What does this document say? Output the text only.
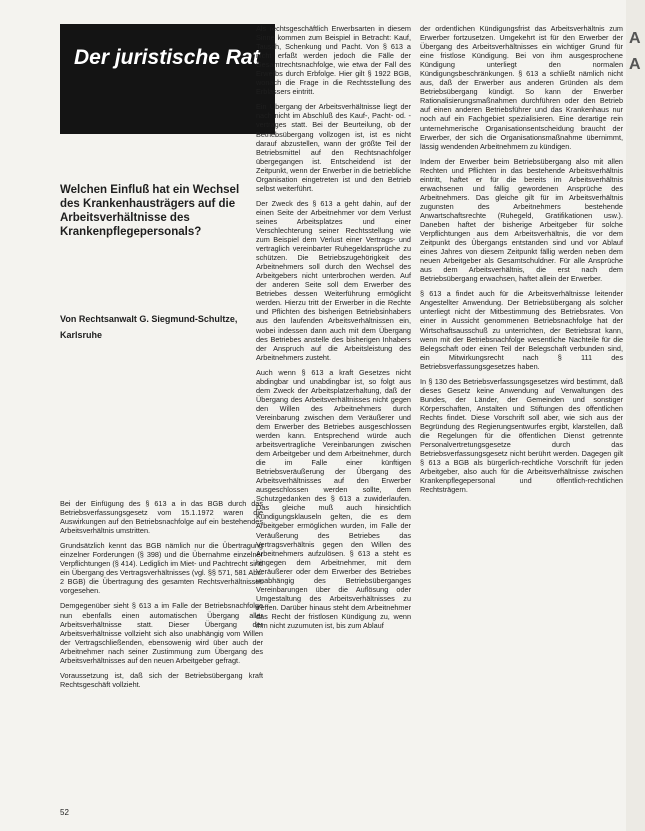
Der juristische Rat
Welchen Einfluß hat ein Wechsel des Krankenhausträgers auf die Arbeitsverhältnisse des Krankenpflegepersonals?

Von Rechtsanwalt G. Siegmund-Schultze, Karlsruhe

Bei der Einfügung des § 613 a in das BGB durch das Betriebsverfassungsgesetz vom 15.1.1972 waren die Auswirkungen auf den Betriebsnachfolge auf ein bestehendes Arbeitsverhältnis umstritten.

Grundsätzlich kennt das BGB nämlich nur die Übertragung einzelner Forderungen (§ 398) und die Übernahme einzelner Verpflichtungen (§ 414). Lediglich im Miet- und Pachtrecht sind ein Übergang des Vertragsverhältnisses (vgl. §§ 571, 581 Abs. 2 BGB) die Übertragung des gesamten Rechtsverhältnisses vorgesehen.

Demgegenüber sieht § 613 a im Falle der Betriebsnachfolge nun ebenfalls einen automatischen Übergang aller Arbeitsverhältnisse statt. Dieser Übergang der Arbeitsverhältnisse vollzieht sich also unabhängig vom Willen der Vertragschließenden, ebensowenig wird über auch der Arbeitnehmer nach seiner Zustimmung zum Übergang des Arbeitsverhältnisses auf den neuen Arbeitgeber gefragt.

Voraussetzung ist, daß sich der Betriebsübergang kraft Rechtsgeschäft vollzieht.

Als rechtsgeschäftlich Erwerbsarten in diesem Sinne kommen zum Beispiel in Betracht: Kauf, Tausch, Schenkung und Pacht. Von § 613 a nicht erfaßt werden jedoch die Fälle der Gesamtrechtsnachfolge, wie etwa der Fall des Erwerbs durch Erbfolge. Hier gilt § 1922 BGB, wonach die Frage in die Rechtsstellung des Erblassers eintritt.

Ein Übergang der Arbeitsverhältnisse liegt der nach nicht im Abschluß des Kauf-, Pacht- od. -vertrages statt. Bei der Beurteilung, ob der Betriebsübergang vollzogen ist, ist es nicht darauf abzustellen, wann der größte Teil der Betriebsmittel auf den Rechtsnachfolger übergegangen ist. Entscheidend ist der Zeitpunkt, wenn der Erwerber in die betriebliche Organisation eingetreten ist und den Betrieb selbst weiterführt.

Der Zweck des § 613 a geht dahin, auf der einen Seite der Arbeitnehmer vor dem Verlust seines Arbeitsplatzes und einer Verschlechterung seiner Rechtsstellung wie zum Beispiel dem Verlust einer Vertrags- und vertraglich vereinbarter Ruhegeldansprüche zu schützen. Die Betriebszugehörigkeit des Arbeitnehmers soll durch den Wechsel des Arbeitgebers nicht unterbrochen werden. Auf der anderen Seite soll dem Erwerber des Betriebes dessen Weiterführung ermöglicht werden. Hierzu tritt der Erwerber in die Rechte und Pflichten des bisherigen Betriebsinhabers aus den laufenden Arbeitsverhältnissen ein, wobei indessen dann auch mit dem Übergang des Betriebes anstelle des bisherigen Inhabers der Anspruch auf die Arbeitsleistung des Arbeitnehmers zusteht.

Auch wenn § 613 a kraft Gesetzes nicht abdingbar und unabdingbar ist, so folgt aus dem Zweck der Arbeitsplatzerhaltung, daß der Übergang des Arbeitsverhältnisses nicht gegen den Willen des Arbeitnehmers durch Vereinbarung zwischen dem Veräußerer und dem Erwerber des Betriebes ausgeschlossen werden kann. Entsprechend würde auch arbeitsvertragliche Vereinbarungen zwischen dem Arbeitgeber und dem Arbeitnehmer, durch die im Falle einer künftigen Betriebsveräußerung der Übergang des Arbeitsverhältnisses auf den Erwerber ausgeschlossen werden sollte, dem Schutzgedanken des § 613 a zuwiderlaufen. Das gleiche muß auch hinsichtlich Kündigungsklauseln gelten, die es dem Arbeitgeber ermöglichen wurden, im Falle der Veräußerung des Betriebes das Vertragsverhältnis gegen den Willen des Arbeitnehmers aufzulösen. § 613 a steht es hingegen dem Arbeitnehmer, mit dem Veräußerer oder dem Erwerber des Betriebes unabhängig des Betriebsüberganges Vereinbarungen über die Auflösung oder Umgestaltung des Arbeitsverhältnisses zu treffen. Darüber hinaus steht dem Arbeitnehmer das Recht der fristlosen Kündigung zu, wenn ihm nicht zuzumuten ist, bis zum Ablauf

der ordentlichen Kündigungsfrist das Arbeitsverhältnis zum Erwerber fortzusetzen. Umgekehrt ist für den Erwerber der Übergang des Arbeitsverhältnisses ein wichtiger Grund für eine fristlose Kündigung. Bei von ihm ausgesprochene Kündigung unterliegt den normalen Kündigungsbeschränkungen. § 613 a schließt nämlich nicht aus, daß der Erwerber aus anderen Gründen als dem Betriebsübergang kündigt. So kann der Erwerber Rationalisierungsmaßnahmen durchführen oder den Betrieb auf einen anderen Betriebsführer und das Krankenhaus nur noch auf ein Fachgebiet spezialisieren. Eine derartige rein unternehmerische Organisationsentscheidung braucht der Erwerber, der sich die Organisationsmaßnahme übernimmt, lässig wendenden Arbeitnehmern zu kündigen.

Indem der Erwerber beim Betriebsübergang also mit allen Rechten und Pflichten in das bestehende Arbeitsverhältnis eintritt, haftet er für die bereits im Arbeitsverhältnis erwachsenen und fällig gewordenen Ansprüche des Arbeitnehmers. Das gleiche gilt für im Arbeitsverhältnis zugunsten des Arbeitnehmers bestehende Anwartschaftsrechte (Ruhegeld, Gratifikationen usw.). Daneben haftet der bisherige Arbeitgeber für solche Verpflichtungen aus dem Arbeitsverhältnis, die vor dem Zeitpunkt des Übergangs entstanden sind und vor Ablauf eines Jahres von diesem Zeitpunkt fällig werden neben dem neuen Arbeitgeber als Gesamtschuldner. Für alle Ansprüche aus dem Arbeitsverhältnis, die erst nach dem Betriebsübergang erwachsen, haftet allein der Erwerber.

§ 613 a findet auch für die Arbeitsverhältnisse leitender Angestellter Anwendung. Der Betriebsübergang als solcher unterliegt nicht der Mitbestimmung des Betriebsrates. Von einer in Aussicht genommenen Betriebsnachfolge hat der Wirtschaftsausschuß zu unterrichten, der Betriebsrat kann, wenn mit der Betriebsnachfolge wesentliche Nachteile für die Belegschaft oder einen Teil der Belegschaft verbunden sind, ein Mitwirkungsrecht nach § 111 des Betriebsverfassungsgesetzes haben.

In § 130 des Betriebsverfassungsgesetzes wird bestimmt, daß dieses Gesetz keine Anwendung auf Verwaltungen des Bundes, der Länder, der Gemeinden und sonstiger Körperschaften, Anstalten und Stiftungen des öffentlichen Rechts findet. Diese Vorschrift soll aber, wie sich aus der Begründung des Regierungsentwurfes ergibt, klarstellen, daß die Regelungen für die öffentlichen Dienst getrennte Personalvertretungsgesetze durch das Betriebsverfassungsgesetz nicht berührt werden. Dagegen gilt § 613 a BGB als bürgerlich-rechtliche Vorschrift für jeden Arbeitgeber, also auch für die Arbeitsverhältnisse zwischen Krankenpflegepersonal und öffentlich-rechtlichen Rechtsträgern.

52
A
A
